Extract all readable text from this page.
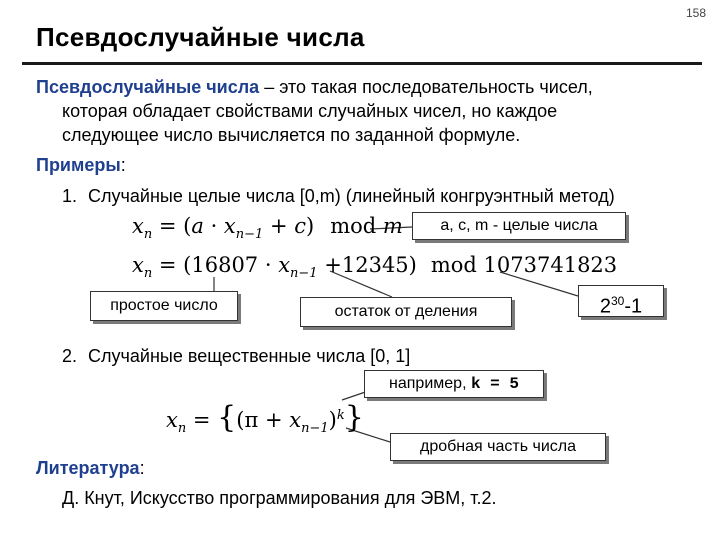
158
Псевдослучайные числа
Псевдослучайные числа – это такая последовательность чисел,
которая обладает свойствами случайных чисел, но каждое
следующее число вычисляется по заданной формуле.
Примеры:
1. Случайные целые числа [0,m) (линейный конгруэнтный метод)
$x_n = (a \cdot x_{n-1} + c)$ mod m	a, c, m - целые числа
$x_n = (16807 \cdot x_{n-1} +12345)$ mod 1073741823
простое число	остаток от деления	$2^{30}-1$
2. Случайные вещественные числа [0, 1]
например, k = 5
$x_n = \{(\pi + x_{n-1})^k\}$
дробная часть числа
Литература:
Д. Кнут, Искусство программирования для ЭВМ, т.2.
